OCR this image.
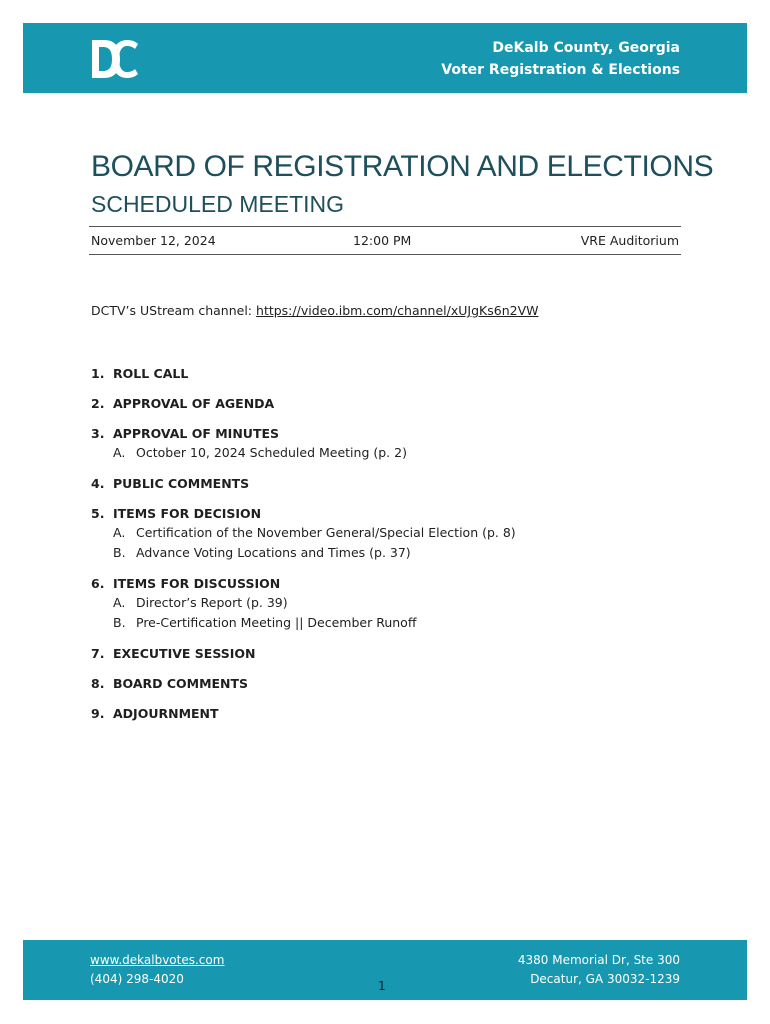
DeKalb County, Georgia
Voter Registration & Elections
BOARD OF REGISTRATION AND ELECTIONS
SCHEDULED MEETING
November 12, 2024	12:00 PM	VRE Auditorium
DCTV’s UStream channel: https://video.ibm.com/channel/xUJgKs6n2VW
1. ROLL CALL
2. APPROVAL OF AGENDA
3. APPROVAL OF MINUTES
A. October 10, 2024 Scheduled Meeting (p. 2)
4. PUBLIC COMMENTS
5. ITEMS FOR DECISION
A. Certification of the November General/Special Election (p. 8)
B. Advance Voting Locations and Times (p. 37)
6. ITEMS FOR DISCUSSION
A. Director’s Report (p. 39)
B. Pre-Certification Meeting || December Runoff
7. EXECUTIVE SESSION
8. BOARD COMMENTS
9. ADJOURNMENT
www.dekalbvotes.com
(404) 298-4020
4380 Memorial Dr, Ste 300
Decatur, GA 30032-1239
1
